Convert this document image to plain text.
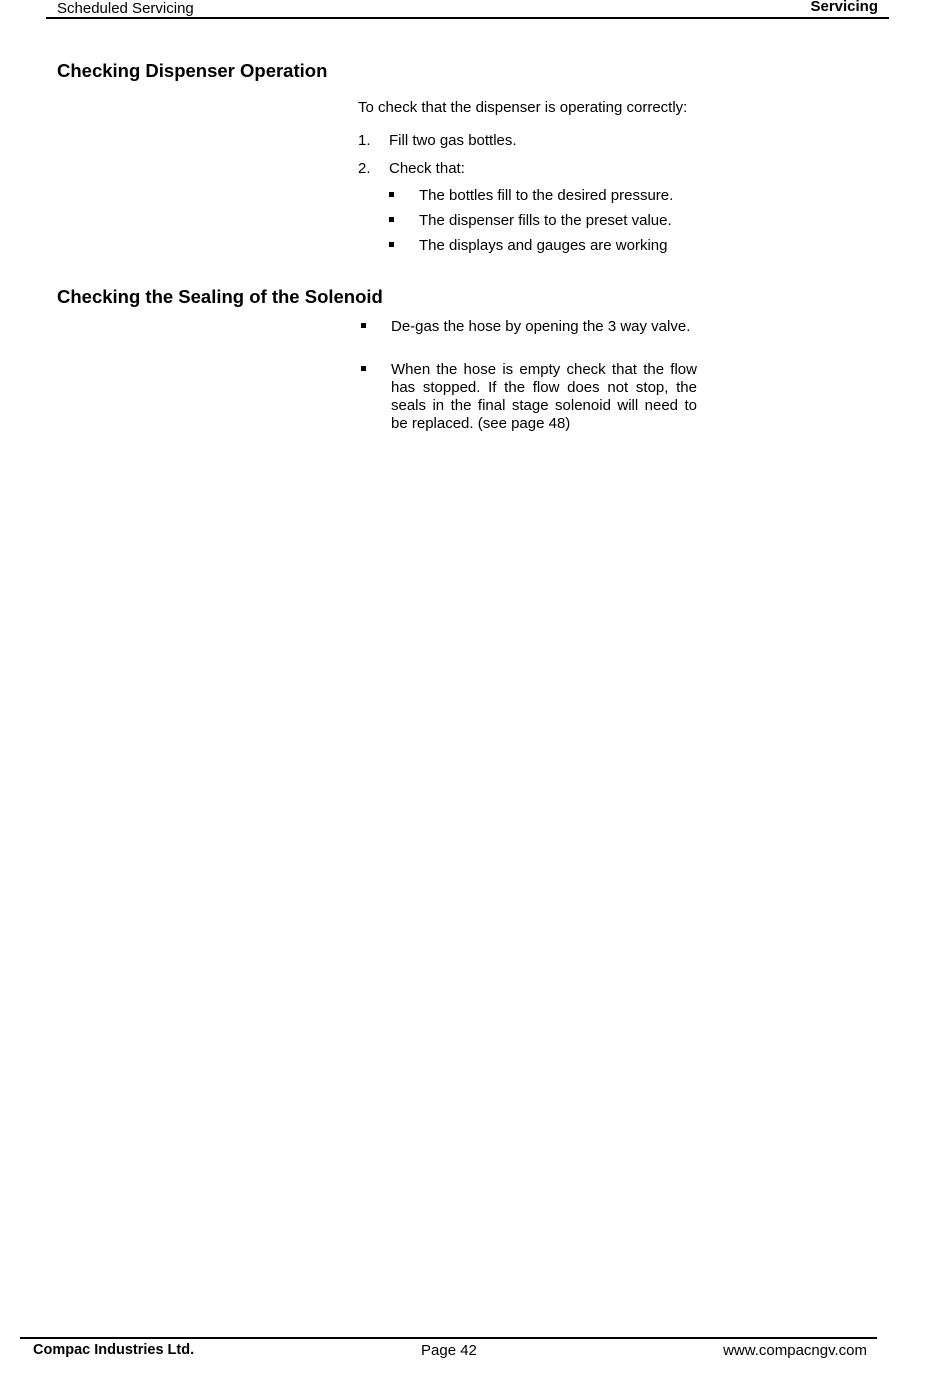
Scheduled Servicing	Servicing
Checking Dispenser Operation
To check that the dispenser is operating correctly:
1. Fill two gas bottles.
2. Check that:
The bottles fill to the desired pressure.
The dispenser fills to the preset value.
The displays and gauges are working
Checking the Sealing of the Solenoid
De-gas the hose by opening the 3 way valve.
When the hose is empty check that the flow has stopped. If the flow does not stop, the seals in the final stage solenoid will need to be replaced. (see page 48)
Compac Industries Ltd.	Page 42	www.compacngv.com
